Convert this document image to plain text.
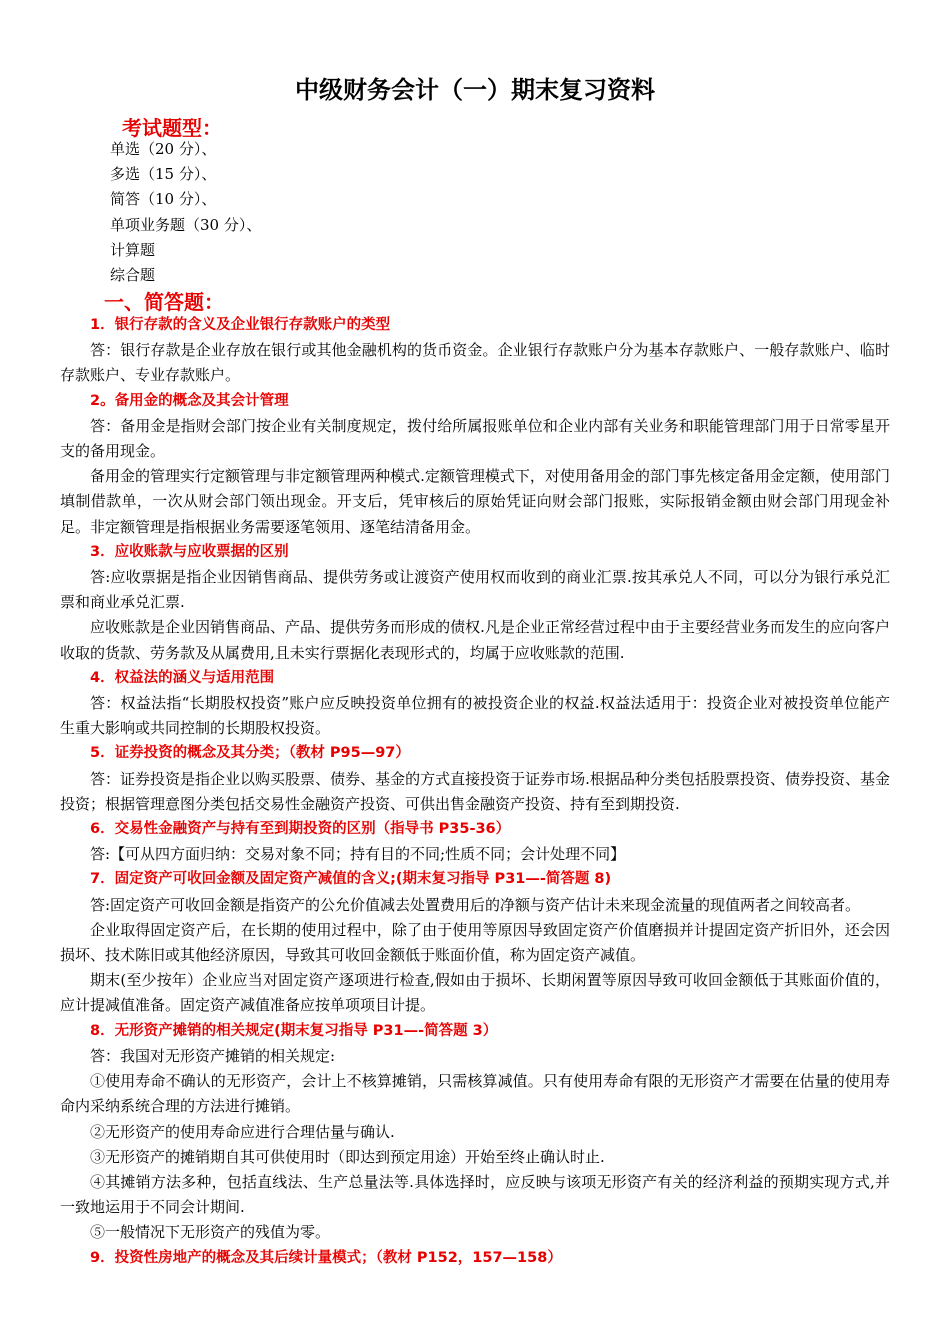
中级财务会计（一）期末复习资料
考试题型：
单选（20 分）、
多选（15 分）、
简答（10 分）、
单项业务题（30 分）、
计算题
综合题
一、简答题：

1．银行存款的含义及企业银行存款账户的类型

答：银行存款是企业存放在银行或其他金融机构的货币资金。企业银行存款账户分为基本存款账户、一般存款账户、临时存款账户、专业存款账户。

2。备用金的概念及其会计管理

答：备用金是指财会部门按企业有关制度规定，拨付给所属报账单位和企业内部有关业务和职能管理部门用于日常零星开支的备用现金。

备用金的管理实行定额管理与非定额管理两种模式.定额管理模式下，对使用备用金的部门事先核定备用金定额，使用部门填制借款单，一次从财会部门领出现金。开支后，凭审核后的原始凭证向财会部门报账，实际报销金额由财会部门用现金补足。非定额管理是指根据业务需要逐笔领用、逐笔结清备用金。

3．应收账款与应收票据的区别

答:应收票据是指企业因销售商品、提供劳务或让渡资产使用权而收到的商业汇票.按其承兑人不同，可以分为银行承兑汇票和商业承兑汇票.

应收账款是企业因销售商品、产品、提供劳务而形成的债权.凡是企业正常经营过程中由于主要经营业务而发生的应向客户收取的货款、劳务款及从属费用,且未实行票据化表现形式的，均属于应收账款的范围.

4．权益法的涵义与适用范围

答：权益法指“长期股权投资”账户应反映投资单位拥有的被投资企业的权益.权益法适用于：投资企业对被投资单位能产生重大影响或共同控制的长期股权投资。

5．证券投资的概念及其分类；（教材 P95—97）

答：证券投资是指企业以购买股票、债券、基金的方式直接投资于证券市场.根据品种分类包括股票投资、债券投资、基金投资；根据管理意图分类包括交易性金融资产投资、可供出售金融资产投资、持有至到期投资.

6．交易性金融资产与持有至到期投资的区别（指导书 P35-36）

答:【可从四方面归纳：交易对象不同；持有目的不同;性质不同；会计处理不同】

7．固定资产可收回金额及固定资产减值的含义;(期末复习指导 P31—-简答题 8)

答:固定资产可收回金额是指资产的公允价值减去处置费用后的净额与资产估计未来现金流量的现值两者之间较高者。

企业取得固定资产后，在长期的使用过程中，除了由于使用等原因导致固定资产价值磨损并计提固定资产折旧外，还会因损坏、技术陈旧或其他经济原因，导致其可收回金额低于账面价值，称为固定资产减值。

期末(至少按年）企业应当对固定资产逐项进行检查,假如由于损坏、长期闲置等原因导致可收回金额低于其账面价值的，应计提减值准备。固定资产减值准备应按单项项目计提。

8．无形资产摊销的相关规定(期末复习指导 P31—-简答题 3）

答：我国对无形资产摊销的相关规定:

①使用寿命不确认的无形资产，会计上不核算摊销，只需核算减值。只有使用寿命有限的无形资产才需要在估量的使用寿命内采纳系统合理的方法进行摊销。

②无形资产的使用寿命应进行合理估量与确认.

③无形资产的摊销期自其可供使用时（即达到预定用途）开始至终止确认时止.

④其摊销方法多种，包括直线法、生产总量法等.具体选择时，应反映与该项无形资产有关的经济利益的预期实现方式,并一致地运用于不同会计期间.

⑤一般情况下无形资产的残值为零。

9．投资性房地产的概念及其后续计量模式；（教材 P152，157—158）
